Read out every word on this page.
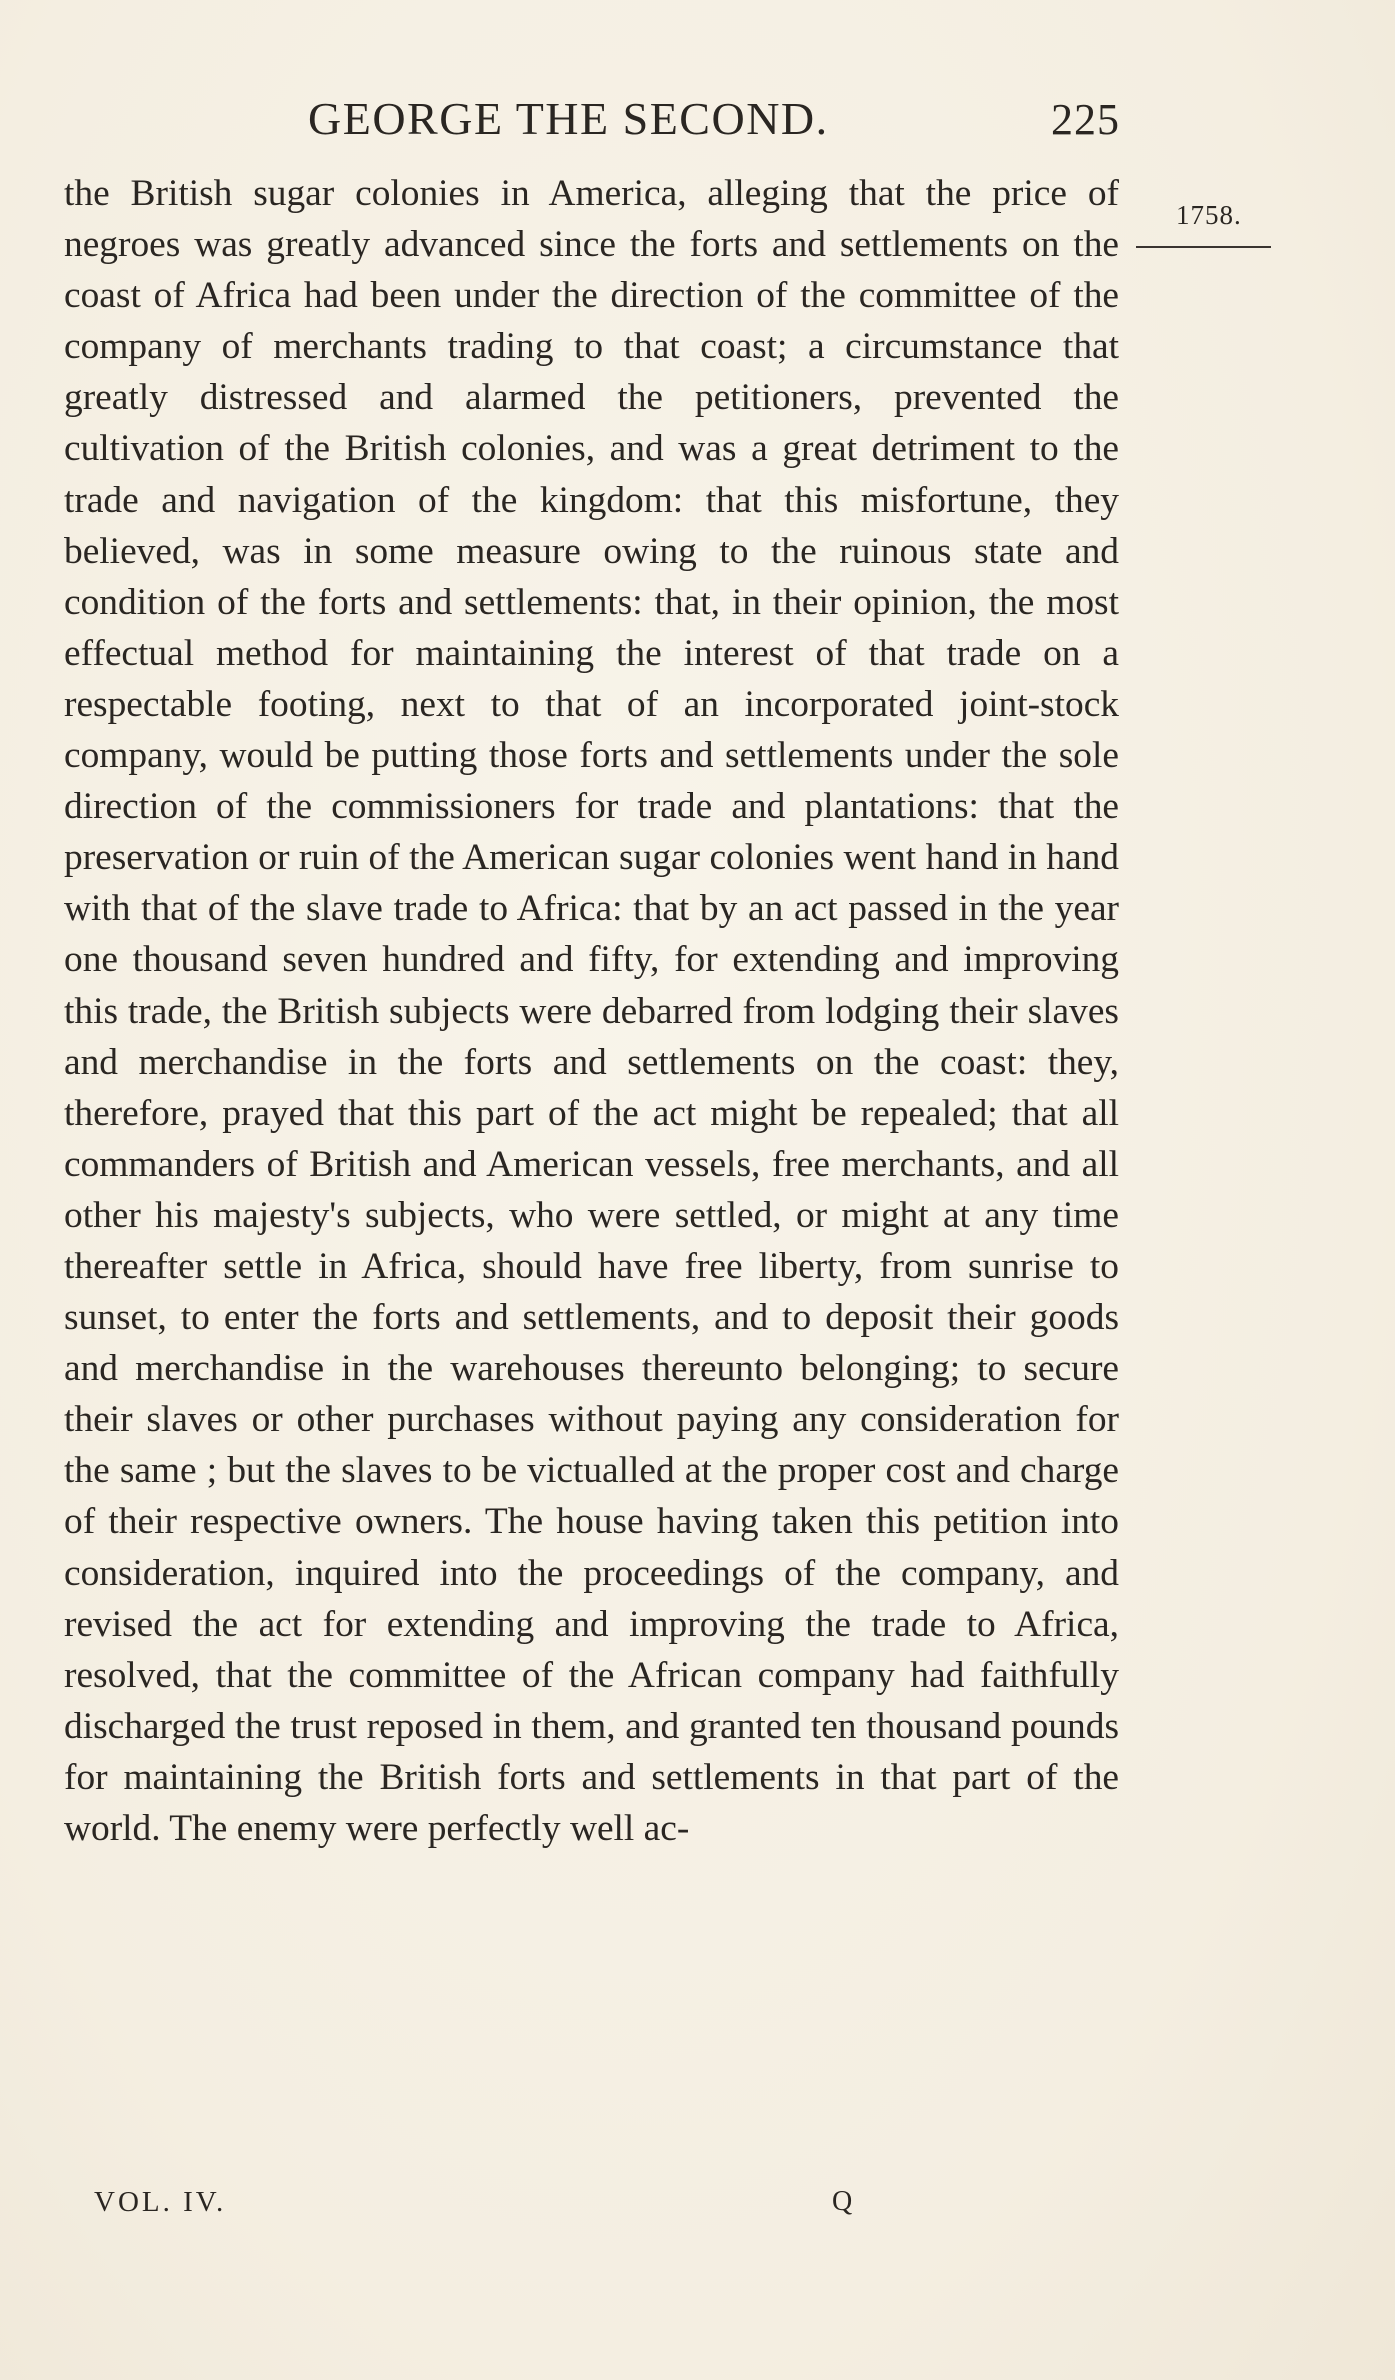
GEORGE THE SECOND.	225
1758.

the British sugar colonies in America, alleging that the price of negroes was greatly advanced since the forts and settlements on the coast of Africa had been under the direction of the committee of the company of merchants trading to that coast; a circumstance that greatly distressed and alarmed the petitioners, prevented the cultivation of the British colonies, and was a great detriment to the trade and navigation of the kingdom: that this misfortune, they believed, was in some measure owing to the ruinous state and condition of the forts and settlements: that, in their opinion, the most effectual method for maintaining the interest of that trade on a respectable footing, next to that of an incorporated joint-stock company, would be putting those forts and settlements under the sole direction of the commissioners for trade and plantations: that the preservation or ruin of the American sugar colonies went hand in hand with that of the slave trade to Africa: that by an act passed in the year one thousand seven hundred and fifty, for extending and improving this trade, the British subjects were debarred from lodging their slaves and merchandise in the forts and settlements on the coast: they, therefore, prayed that this part of the act might be repealed; that all commanders of British and American vessels, free merchants, and all other his majesty's subjects, who were settled, or might at any time thereafter settle in Africa, should have free liberty, from sunrise to sunset, to enter the forts and settlements, and to deposit their goods and merchandise in the warehouses thereunto belonging; to secure their slaves or other purchases without paying any consideration for the same ; but the slaves to be victualled at the proper cost and charge of their respective owners. The house having taken this petition into consideration, inquired into the proceedings of the company, and revised the act for extending and improving the trade to Africa, resolved, that the committee of the African company had faithfully discharged the trust reposed in them, and granted ten thousand pounds for maintaining the British forts and settlements in that part of the world. The enemy were perfectly well ac-

VOL. IV.	Q
